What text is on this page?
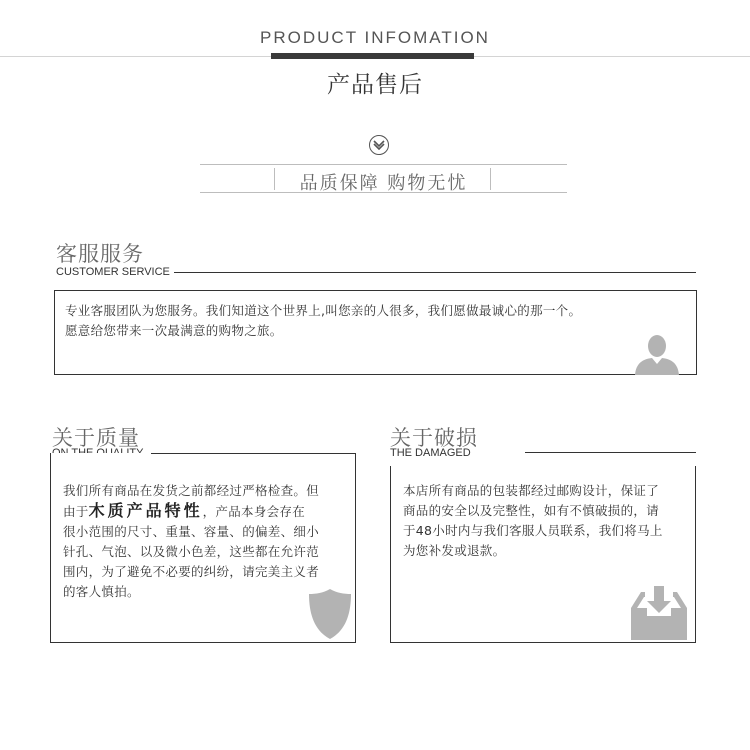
PRODUCT INFOMATION
产品售后
品质保障 购物无忧
客服服务
CUSTOMER SERVICE
专业客服团队为您服务。我们知道这个世界上,叫您亲的人很多，我们愿做最诚心的那一个。
愿意给您带来一次最满意的购物之旅。
关于质量
我们所有商品在发货之前都经过严格检查。但
由于木质产品特性，产品本身会存在
很小范围的尺寸、重量、容量、的偏差、细小
针孔、气泡、以及微小色差，这些都在允许范
围内，为了避免不必要的纠纷，请完美主义者
的客人慎拍。
关于破损
THE DAMAGED
本店所有商品的包装都经过邮购设计，保证了
商品的安全以及完整性，如有不慎破损的，请
于48小时内与我们客服人员联系，我们将马上
为您补发或退款。
